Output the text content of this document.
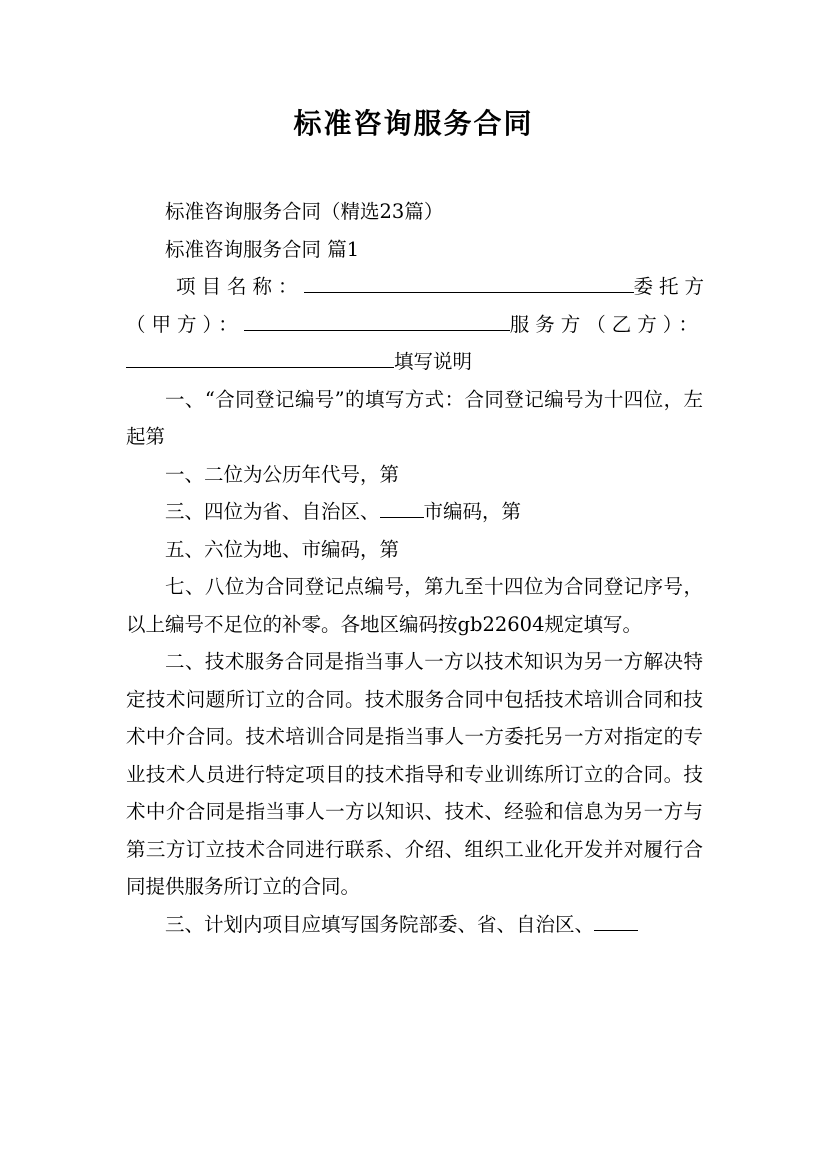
标准咨询服务合同

标准咨询服务合同（精选23篇）

标准咨询服务合同 篇1

项目名称：	委托方
（甲方）：	服务方（乙方）：
填写说明

一、“合同登记编号”的填写方式：合同登记编号为十四位，左起第

一、二位为公历年代号，第

三、四位为省、自治区、 市编码，第

五、六位为地、市编码，第

七、八位为合同登记点编号，第九至十四位为合同登记序号，以上编号不足位的补零。各地区编码按gb22604规定填写。

二、技术服务合同是指当事人一方以技术知识为另一方解决特定技术问题所订立的合同。技术服务合同中包括技术培训合同和技术中介合同。技术培训合同是指当事人一方委托另一方对指定的专业技术人员进行特定项目的技术指导和专业训练所订立的合同。技术中介合同是指当事人一方以知识、技术、经验和信息为另一方与第三方订立技术合同进行联系、介绍、组织工业化开发并对履行合同提供服务所订立的合同。

三、计划内项目应填写国务院部委、省、自治区、
